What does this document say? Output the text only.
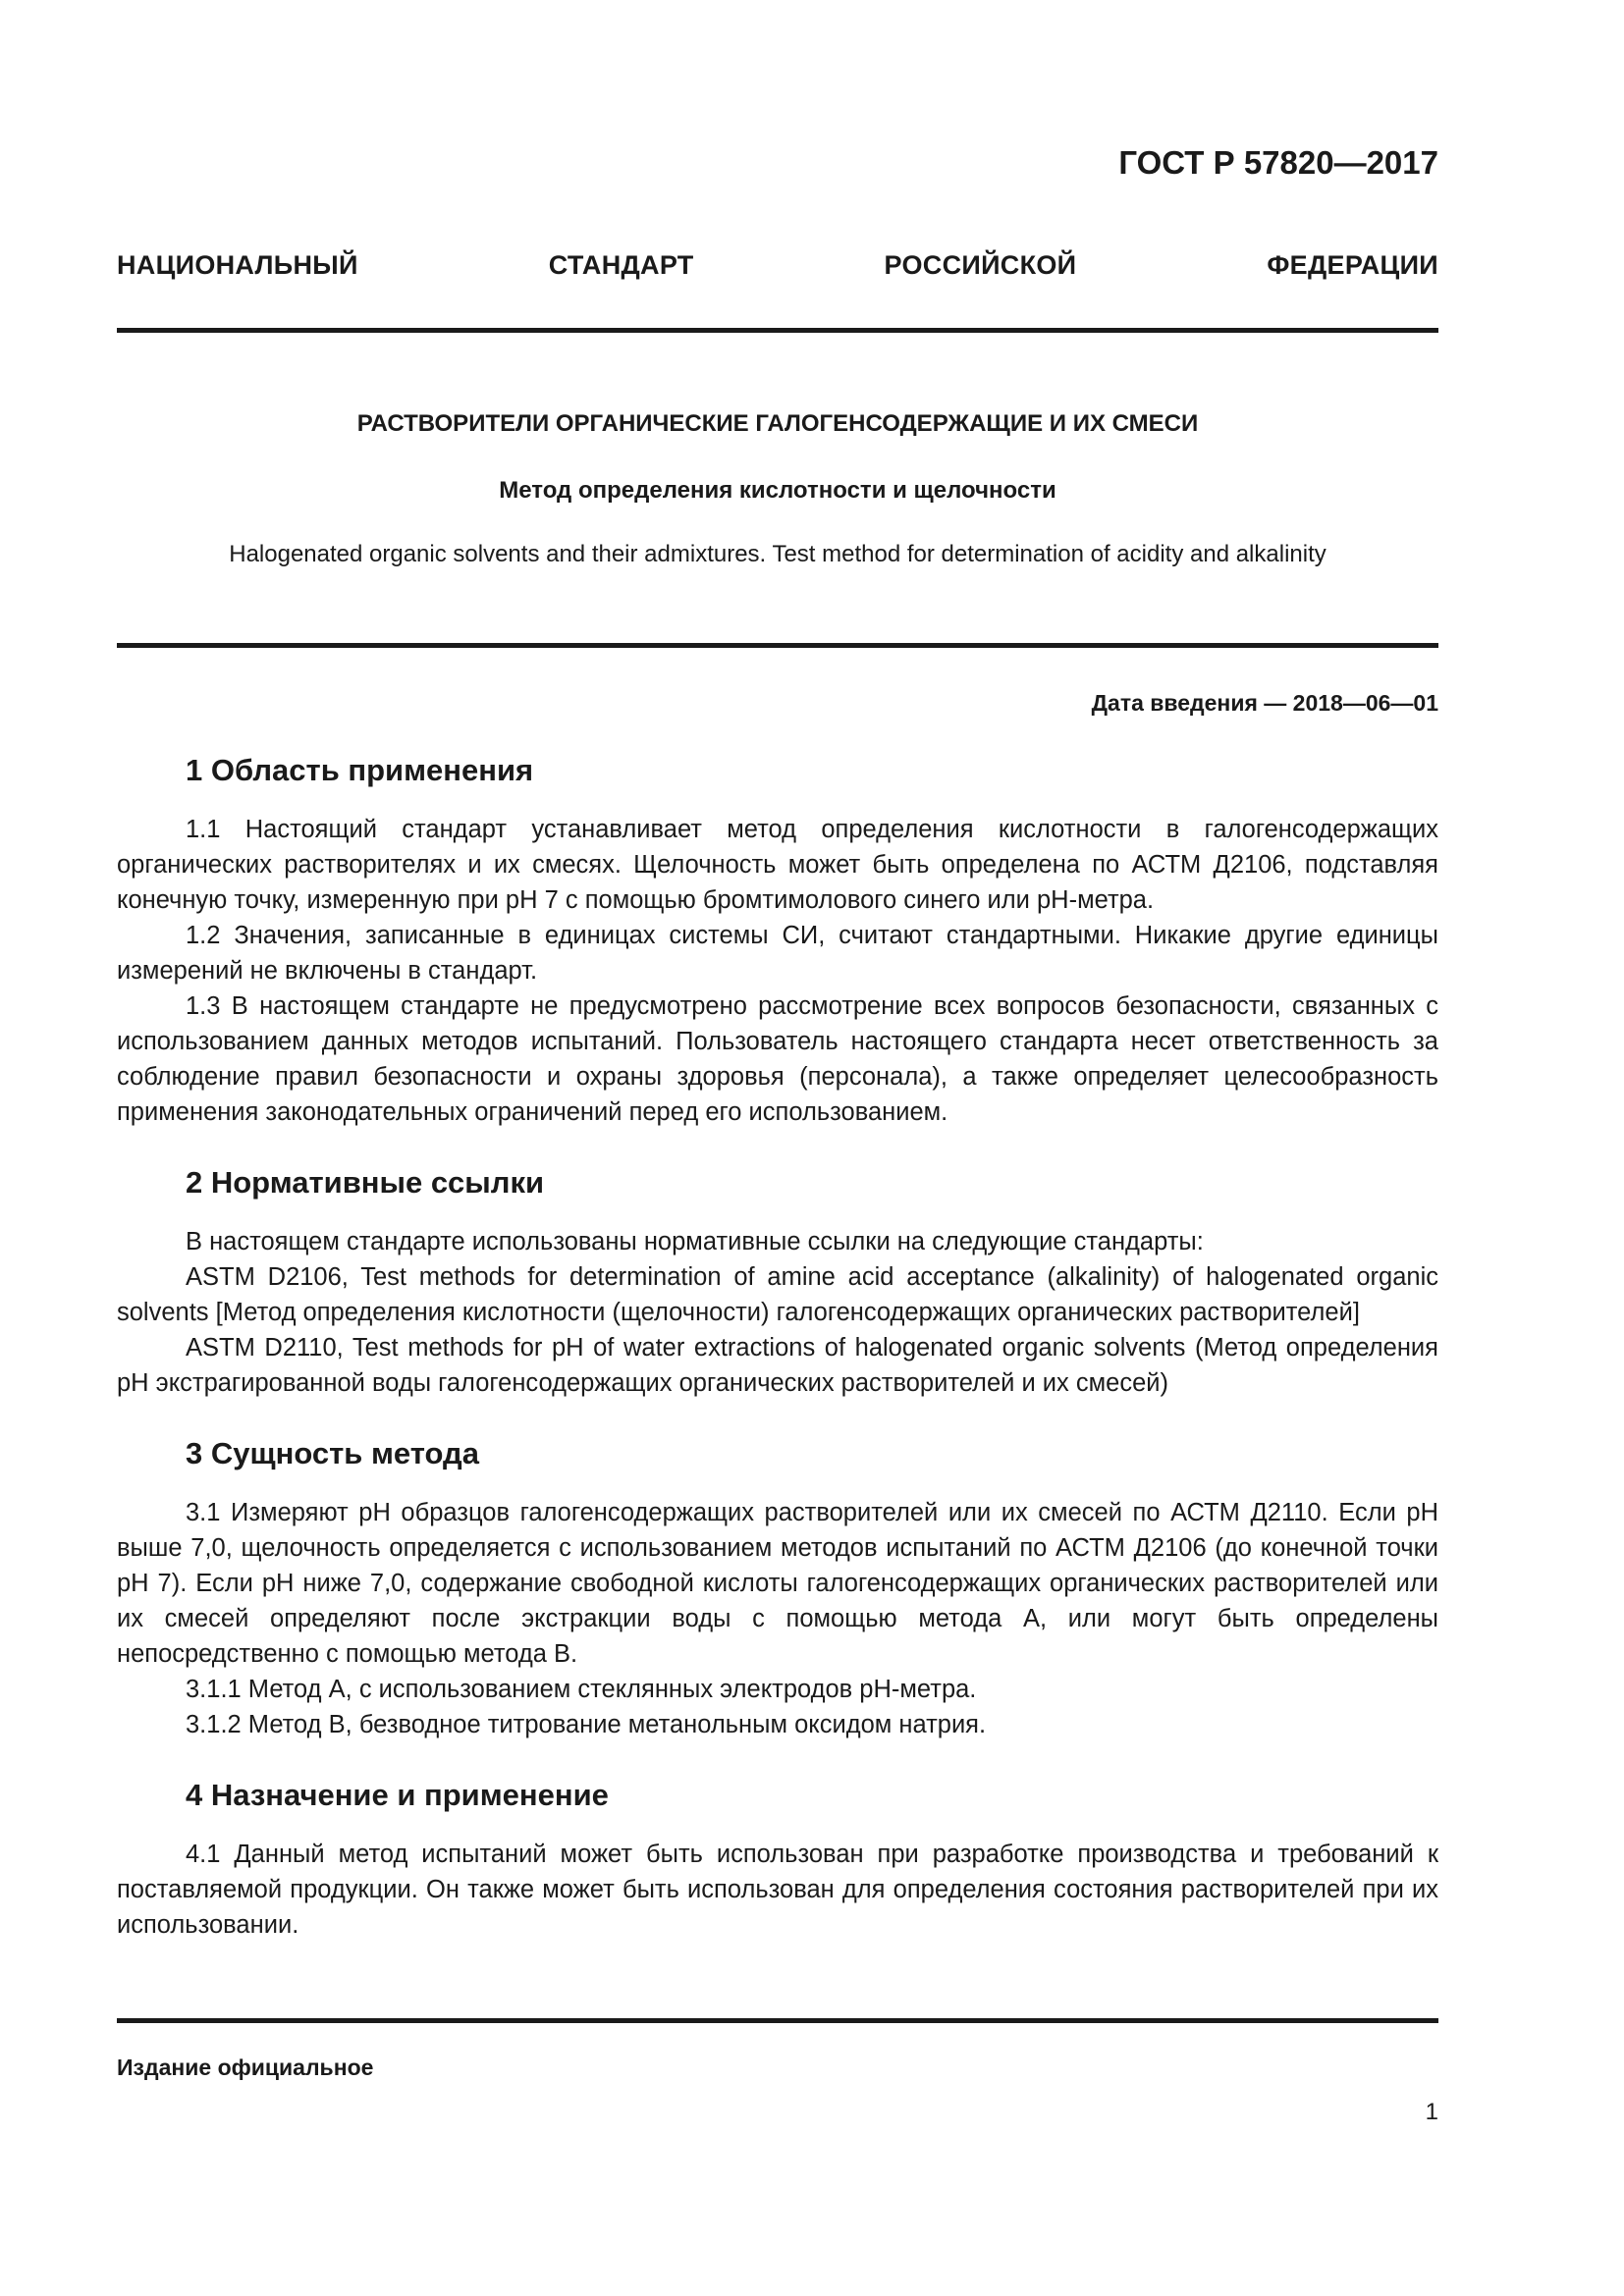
ГОСТ Р 57820—2017

НАЦИОНАЛЬНЫЙ СТАНДАРТ РОССИЙСКОЙ ФЕДЕРАЦИИ

РАСТВОРИТЕЛИ ОРГАНИЧЕСКИЕ ГАЛОГЕНСОДЕРЖАЩИЕ И ИХ СМЕСИ

Метод определения кислотности и щелочности

Halogenated organic solvents and their admixtures. Test method for determination of acidity and alkalinity

Дата введения — 2018—06—01

1 Область применения

1.1 Настоящий стандарт устанавливает метод определения кислотности в галогенсодержащих органических растворителях и их смесях. Щелочность может быть определена по АСТМ Д2106, подставляя конечную точку, измеренную при pH 7 с помощью бромтимолового синего или pH-метра.

1.2 Значения, записанные в единицах системы СИ, считают стандартными. Никакие другие единицы измерений не включены в стандарт.

1.3 В настоящем стандарте не предусмотрено рассмотрение всех вопросов безопасности, связанных с использованием данных методов испытаний. Пользователь настоящего стандарта несет ответственность за соблюдение правил безопасности и охраны здоровья (персонала), а также определяет целесообразность применения законодательных ограничений перед его использованием.

2 Нормативные ссылки

В настоящем стандарте использованы нормативные ссылки на следующие стандарты:

ASTM D2106, Test methods for determination of amine acid acceptance (alkalinity) of halogenated organic solvents [Метод определения кислотности (щелочности) галогенсодержащих органических растворителей]

ASTM D2110, Test methods for pH of water extractions of halogenated organic solvents (Метод определения pH экстрагированной воды галогенсодержащих органических растворителей и их смесей)

3 Сущность метода

3.1 Измеряют pH образцов галогенсодержащих растворителей или их смесей по АСТМ Д2110. Если pH выше 7,0, щелочность определяется с использованием методов испытаний по АСТМ Д2106 (до конечной точки pH 7). Если pH ниже 7,0, содержание свободной кислоты галогенсодержащих органических растворителей или их смесей определяют после экстракции воды с помощью метода A, или могут быть определены непосредственно с помощью метода B.

3.1.1 Метод A, с использованием стеклянных электродов pH-метра.

3.1.2 Метод B, безводное титрование метанольным оксидом натрия.

4 Назначение и применение

4.1 Данный метод испытаний может быть использован при разработке производства и требований к поставляемой продукции. Он также может быть использован для определения состояния растворителей при их использовании.

Издание официальное

1
